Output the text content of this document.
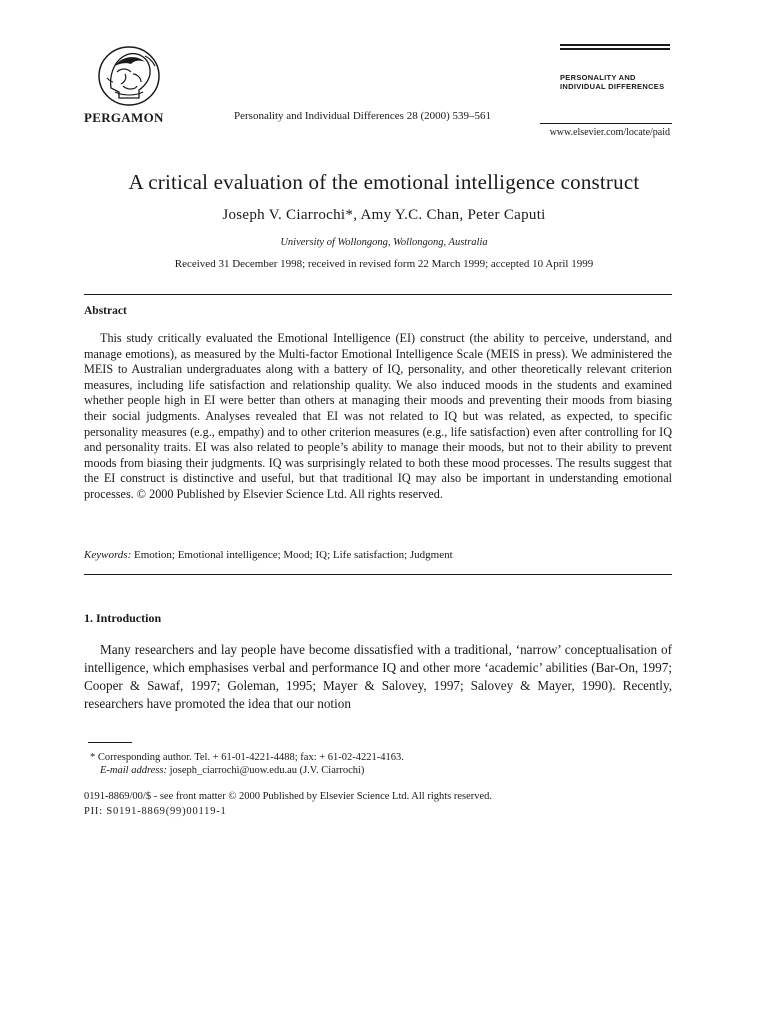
PERGAMON	Personality and Individual Differences 28 (2000) 539–561
PERSONALITY AND
INDIVIDUAL DIFFERENCES
www.elsevier.com/locate/paid
A critical evaluation of the emotional intelligence construct
Joseph V. Ciarrochi*, Amy Y.C. Chan, Peter Caputi
University of Wollongong, Wollongong, Australia
Received 31 December 1998; received in revised form 22 March 1999; accepted 10 April 1999
Abstract

This study critically evaluated the Emotional Intelligence (EI) construct (the ability to perceive, understand, and manage emotions), as measured by the Multi-factor Emotional Intelligence Scale (MEIS in press). We administered the MEIS to Australian undergraduates along with a battery of IQ, personality, and other theoretically relevant criterion measures, including life satisfaction and relationship quality. We also induced moods in the students and examined whether people high in EI were better than others at managing their moods and preventing their moods from biasing their social judgments. Analyses revealed that EI was not related to IQ but was related, as expected, to specific personality measures (e.g., empathy) and to other criterion measures (e.g., life satisfaction) even after controlling for IQ and personality traits. EI was also related to people’s ability to manage their moods, but not to their ability to prevent moods from biasing their judgments. IQ was surprisingly related to both these mood processes. The results suggest that the EI construct is distinctive and useful, but that traditional IQ may also be important in understanding emotional processes. © 2000 Published by Elsevier Science Ltd. All rights reserved.

Keywords: Emotion; Emotional intelligence; Mood; IQ; Life satisfaction; Judgment
1. Introduction

Many researchers and lay people have become dissatisfied with a traditional, ‘narrow’ conceptualisation of intelligence, which emphasises verbal and performance IQ and other more ‘academic’ abilities (Bar-On, 1997; Cooper & Sawaf, 1997; Goleman, 1995; Mayer & Salovey, 1997; Salovey & Mayer, 1990). Recently, researchers have promoted the idea that our notion

* Corresponding author. Tel. + 61-01-4221-4488; fax: + 61-02-4221-4163.
E-mail address: joseph_ciarrochi@uow.edu.au (J.V. Ciarrochi)
0191-8869/00/$ - see front matter © 2000 Published by Elsevier Science Ltd. All rights reserved.
PII: S0191-8869(99)00119-1
